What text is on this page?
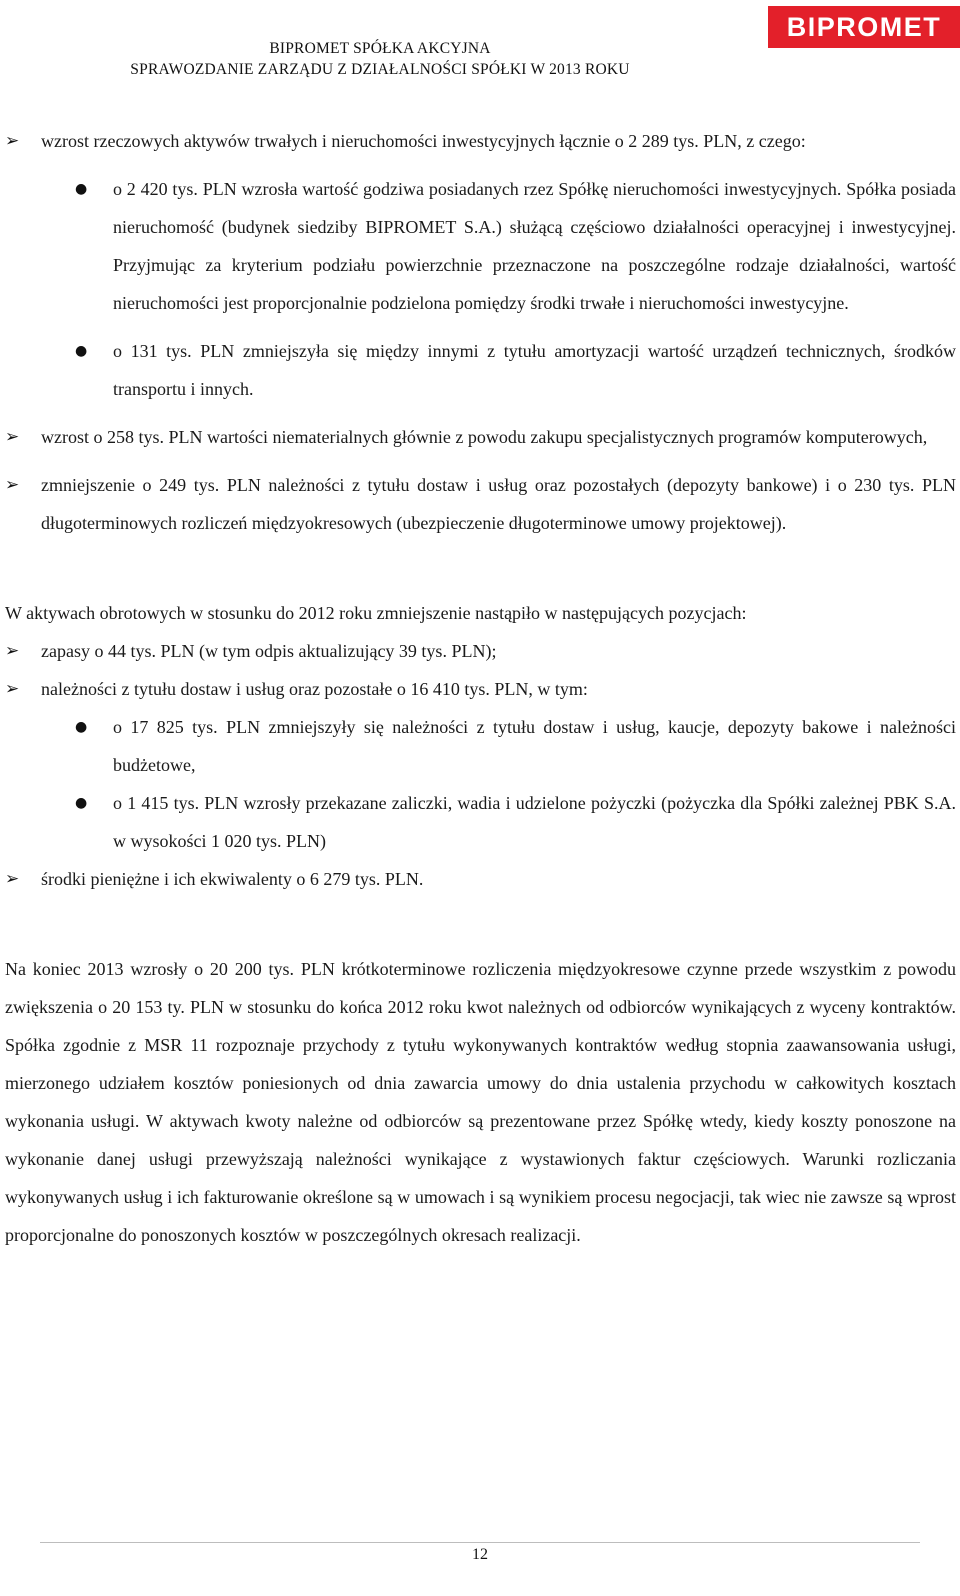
BIPROMET SPÓŁKA AKCYJNA
SPRAWOZDANIE ZARZĄDU Z DZIAŁALNOŚCI SPÓŁKI W 2013 ROKU
BIPROMET
➢	wzrost rzeczowych aktywów trwałych i nieruchomości inwestycyjnych łącznie o 2 289 tys. PLN, z czego:
●	o 2 420 tys. PLN wzrosła wartość godziwa posiadanych rzez Spółkę nieruchomości inwestycyjnych. Spółka posiada nieruchomość (budynek siedziby BIPROMET S.A.) służącą częściowo działalności operacyjnej i inwestycyjnej. Przyjmując za kryterium podziału powierzchnie przeznaczone na poszczególne rodzaje działalności, wartość nieruchomości jest proporcjonalnie podzielona pomiędzy środki trwałe i nieruchomości inwestycyjne.
●	o 131 tys. PLN zmniejszyła się między innymi z tytułu amortyzacji wartość urządzeń technicznych, środków transportu i innych.
➢	wzrost o 258 tys. PLN wartości niematerialnych głównie z powodu zakupu specjalistycznych programów komputerowych,
➢	zmniejszenie o 249 tys. PLN należności z tytułu dostaw i usług oraz pozostałych (depozyty bankowe) i o 230 tys. PLN długoterminowych rozliczeń międzyokresowych (ubezpieczenie długoterminowe umowy projektowej).
W aktywach obrotowych w stosunku do 2012 roku zmniejszenie nastąpiło w następujących pozycjach:
➢	zapasy o 44 tys. PLN (w tym odpis aktualizujący 39 tys. PLN);
➢	należności z tytułu dostaw i usług oraz pozostałe o 16 410 tys. PLN, w tym:
●	o 17 825 tys. PLN zmniejszyły się należności z tytułu dostaw i usług, kaucje, depozyty bakowe i należności budżetowe,
●	o 1 415 tys. PLN wzrosły przekazane zaliczki, wadia i udzielone pożyczki (pożyczka dla Spółki zależnej PBK S.A. w wysokości 1 020 tys. PLN)
➢	środki pieniężne i ich ekwiwalenty o 6 279 tys. PLN.
Na koniec 2013 wzrosły o 20 200 tys. PLN krótkoterminowe rozliczenia międzyokresowe czynne przede wszystkim z powodu zwiększenia o 20 153 ty. PLN w stosunku do końca 2012 roku kwot należnych od odbiorców wynikających z wyceny kontraktów. Spółka zgodnie z MSR 11 rozpoznaje przychody z tytułu wykonywanych kontraktów według stopnia zaawansowania usługi, mierzonego udziałem kosztów poniesionych od dnia zawarcia umowy do dnia ustalenia przychodu w całkowitych kosztach wykonania usługi. W aktywach kwoty należne od odbiorców są prezentowane przez Spółkę wtedy, kiedy koszty ponoszone na wykonanie danej usługi przewyższają należności wynikające z wystawionych faktur częściowych. Warunki rozliczania wykonywanych usług i ich fakturowanie określone są w umowach i są wynikiem procesu negocjacji, tak wiec nie zawsze są wprost proporcjonalne do ponoszonych kosztów w poszczególnych okresach realizacji.
12
